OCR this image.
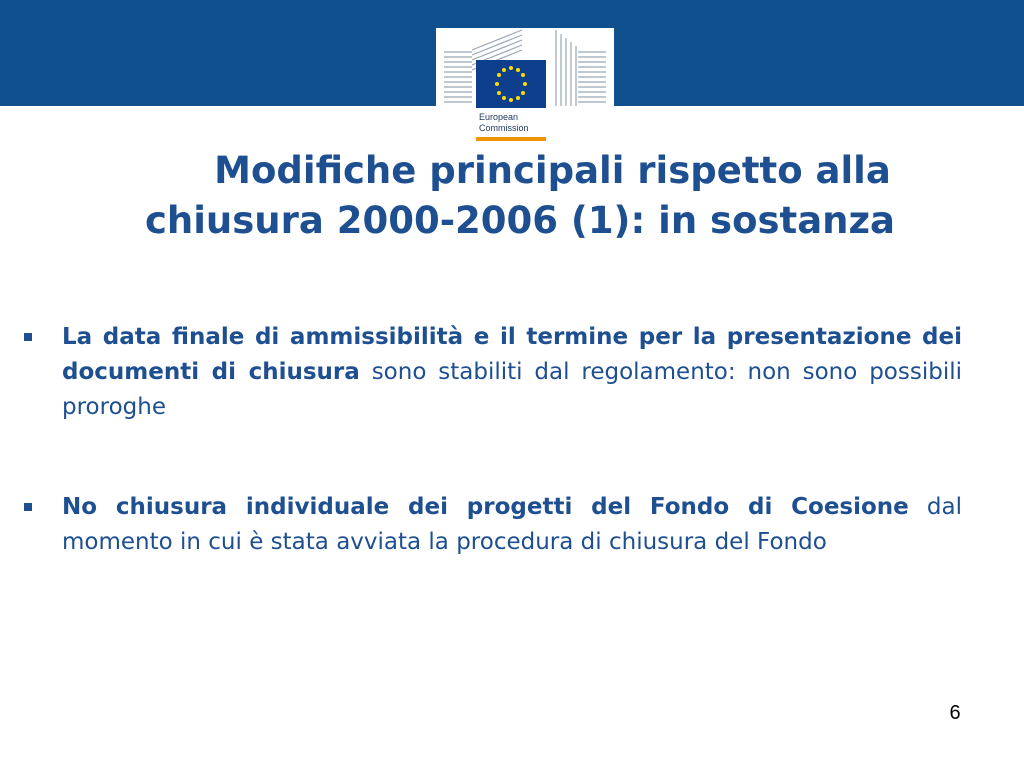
European
Commission
Modifiche principali rispetto alla
chiusura 2000-2006 (1): in sostanza
La data finale di ammissibilità e il termine per la presentazione dei documenti di chiusura sono stabiliti dal regolamento: non sono possibili proroghe
No chiusura individuale dei progetti del Fondo di Coesione dal momento in cui è stata avviata la procedura di chiusura del Fondo
6
